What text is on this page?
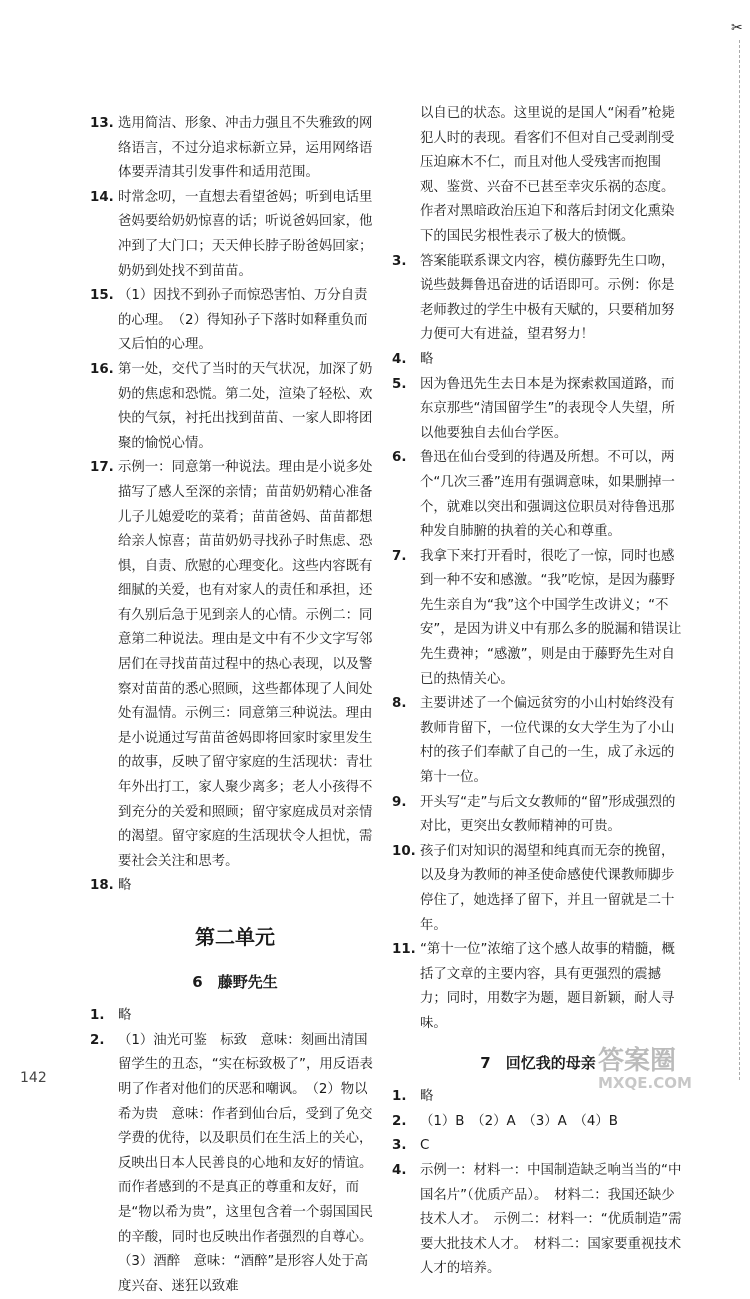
✂
13. 选用简洁、形象、冲击力强且不失雅致的网络语言，不过分追求标新立异，运用网络语体要弄清其引发事件和适用范围。
14. 时常念叨，一直想去看望爸妈；听到电话里爸妈要给奶奶惊喜的话；听说爸妈回家，他冲到了大门口；天天伸长脖子盼爸妈回家；奶奶到处找不到苗苗。
15. （1）因找不到孙子而惊恐害怕、万分自责的心理。　（2）得知孙子下落时如释重负而又后怕的心理。
16. 第一处，交代了当时的天气状况，加深了奶奶的焦虑和恐慌。第二处，渲染了轻松、欢快的气氛，衬托出找到苗苗、一家人即将团聚的愉悦心情。
17. 示例一：同意第一种说法。理由是小说多处描写了感人至深的亲情；苗苗奶奶精心准备儿子儿媳爱吃的菜肴；苗苗爸妈、苗苗都想给亲人惊喜；苗苗奶奶寻找孙子时焦虑、恐惧，自责、欣慰的心理变化。这些内容既有细腻的关爱，也有对家人的责任和承担，还有久别后急于见到亲人的心情。示例二：同意第二种说法。理由是文中有不少文字写邻居们在寻找苗苗过程中的热心表现，以及警察对苗苗的悉心照顾，这些都体现了人间处处有温情。示例三：同意第三种说法。理由是小说通过写苗苗爸妈即将回家时家里发生的故事，反映了留守家庭的生活现状：青壮年外出打工，家人聚少离多；老人小孩得不到充分的关爱和照顾；留守家庭成员对亲情的渴望。留守家庭的生活现状令人担忧，需要社会关注和思考。
18. 略
第二单元
6　藤野先生
1.	略
2.	（1）油光可鉴　标致　意味：刻画出清国留学生的丑态，“实在标致极了”，用反语表明了作者对他们的厌恶和嘲讽。　（2）物以希为贵　意味：作者到仙台后，受到了免交学费的优待，以及职员们在生活上的关心，反映出日本人民善良的心地和友好的情谊。而作者感到的不是真正的尊重和友好，而是“物以希为贵”，这里包含着一个弱国国民的辛酸，同时也反映出作者强烈的自尊心。　（3）酒醉　意味：“酒醉”是形容人处于高度兴奋、迷狂以致难
以自已的状态。这里说的是国人“闲看”枪毙犯人时的表现。看客们不但对自己受剥削受压迫麻木不仁，而且对他人受残害而抱围观、鉴赏、兴奋不已甚至幸灾乐祸的态度。作者对黑暗政治压迫下和落后封闭文化熏染下的国民劣根性表示了极大的愤慨。
3.	答案能联系课文内容，模仿藤野先生口吻，说些鼓舞鲁迅奋进的话语即可。示例：你是老师教过的学生中极有天赋的，只要稍加努力便可大有进益，望君努力！
4.	略
5.	因为鲁迅先生去日本是为探索救国道路，而东京那些“清国留学生”的表现令人失望，所以他要独自去仙台学医。
6.	鲁迅在仙台受到的待遇及所想。不可以，两个“几次三番”连用有强调意味，如果删掉一个，就难以突出和强调这位职员对待鲁迅那种发自肺腑的执着的关心和尊重。
7.	我拿下来打开看时，很吃了一惊，同时也感到一种不安和感激。“我”吃惊，是因为藤野先生亲自为“我”这个中国学生改讲义；“不安”，是因为讲义中有那么多的脱漏和错误让先生费神；“感激”，则是由于藤野先生对自已的热情关心。
8.	主要讲述了一个偏远贫穷的小山村始终没有教师肯留下，一位代课的女大学生为了小山村的孩子们奉献了自己的一生，成了永远的第十一位。
9.	开头写“走”与后文女教师的“留”形成强烈的对比，更突出女教师精神的可贵。
10. 孩子们对知识的渴望和纯真而无奈的挽留，以及身为教师的神圣使命感使代课教师脚步停住了，她选择了留下，并且一留就是二十年。
11. “第十一位”浓缩了这个感人故事的精髓，概括了文章的主要内容，具有更强烈的震撼力；同时，用数字为题，题目新颖，耐人寻味。
7　回忆我的母亲
1.	略
2.	（1）B　（2）A　（3）A　（4）B
3.	C
4.	示例一：材料一：中国制造缺乏响当当的“中国名片”（优质产品）。　材料二：我国还缺少技术人才。　示例二：材料一：“优质制造”需要大批技术人才。　材料二：国家要重视技术人才的培养。
142
答案圈
MXQE.COM
